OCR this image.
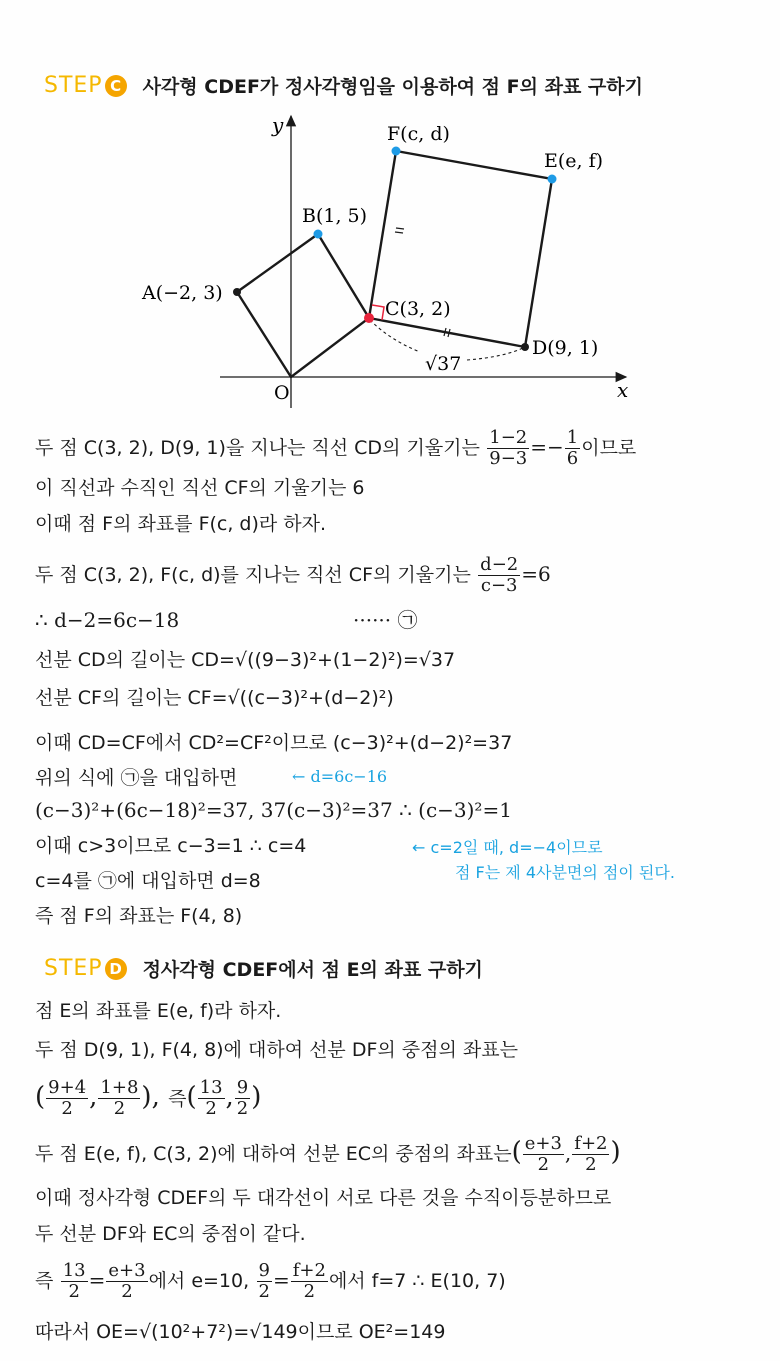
STEP C 사각형 CDEF가 정사각형임을 이용하여 점 F의 좌표 구하기
y
x
O
A(−2, 3)
B(1, 5)
C(3, 2)
D(9, 1)
E(e, f)
F(c, d)
√37
두 점 C(3, 2), D(9, 1)을 지나는 직선 CD의 기울기는 $\frac{1-2}{9-3} =- \frac{1}{6}$ 이므로
이 직선과 수직인 직선 CF의 기울기는 6
이때 점 F의 좌표를 F(c, d)라 하자.
두 점 C(3, 2), F(c, d)를 지나는 직선 CF의 기울기는 $\frac{d-2}{c-3} =6$
∴ d−2=6c−18	······ ㉠
선분 CD의 길이는 CD=√((9−3)²+(1−2)²)=√37
선분 CF의 길이는 CF=√((c−3)²+(d−2)²)
이때 CD=CF에서 CD²=CF²이므로 (c−3)²+(d−2)²=37
위의 식에 ㉠을 대입하면	← d=6c−16
(c−3)²+(6c−18)²=37, 37(c−3)²=37 ∴ (c−3)²=1
이때 c>3이므로 c−3=1 ∴ c=4	← c=2일 때, d=−4이므로
점 F는 제 4사분면의 점이 된다.
c=4를 ㉠에 대입하면 d=8
즉 점 F의 좌표는 F(4, 8)
STEP D 정사각형 CDEF에서 점 E의 좌표 구하기
점 E의 좌표를 E(e, f)라 하자.
두 점 D(9, 1), F(4, 8)에 대하여 선분 DF의 중점의 좌표는
( $\frac{9+4}{2}$ , $\frac{1+8}{2}$ ), 즉( $\frac{13}{2}$ , $\frac{9}{2}$ )
두 점 E(e, f), C(3, 2)에 대하여 선분 EC의 중점의 좌표는( $\frac{e+3}{2}$ , $\frac{f+2}{2}$ )
이때 정사각형 CDEF의 두 대각선이 서로 다른 것을 수직이등분하므로
두 선분 DF와 EC의 중점이 같다.
즉 $\frac{13}{2} = \frac{e+3}{2}$ 에서 e=10, $\frac{9}{2} = \frac{f+2}{2}$ 에서 f=7 ∴ E(10, 7)
따라서 OE=√(10²+7²)=√149이므로 OE²=149
